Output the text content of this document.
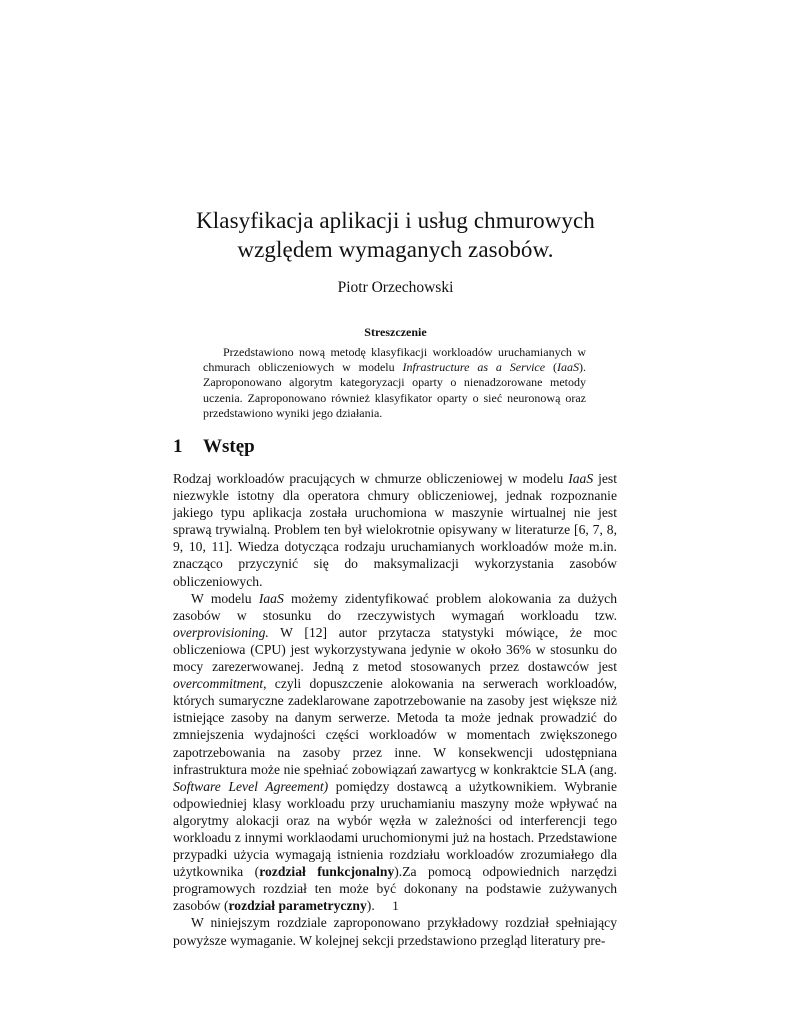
Klasyfikacja aplikacji i usług chmurowych
względem wymaganych zasobów.
Piotr Orzechowski
Streszczenie
Przedstawiono nową metodę klasyfikacji workloadów uruchamianych w chmurach obliczeniowych w modelu Infrastructure as a Service (IaaS). Zaproponowano algorytm kategoryzacji oparty o nienadzorowane metody uczenia. Zaproponowano również klasyfikator oparty o sieć neuronową oraz przedstawiono wyniki jego działania.
1 Wstęp

Rodzaj workloadów pracujących w chmurze obliczeniowej w modelu IaaS jest niezwykle istotny dla operatora chmury obliczeniowej, jednak rozpoznanie jakiego typu aplikacja została uruchomiona w maszynie wirtualnej nie jest sprawą trywialną. Problem ten był wielokrotnie opisywany w literaturze [6, 7, 8, 9, 10, 11]. Wiedza dotycząca rodzaju uruchamianych workloadów może m.in. znacząco przyczynić się do maksymalizacji wykorzystania zasobów obliczeniowych.

W modelu IaaS możemy zidentyfikować problem alokowania za dużych zasobów w stosunku do rzeczywistych wymagań workloadu tzw. overprovisioning. W [12] autor przytacza statystyki mówiące, że moc obliczeniowa (CPU) jest wykorzystywana jedynie w około 36% w stosunku do mocy zarezerwowanej. Jedną z metod stosowanych przez dostawców jest overcommitment, czyli dopuszczenie alokowania na serwerach workloadów, których sumaryczne zadeklarowane zapotrzebowanie na zasoby jest większe niż istniejące zasoby na danym serwerze. Metoda ta może jednak prowadzić do zmniejszenia wydajności części workloadów w momentach zwiększonego zapotrzebowania na zasoby przez inne. W konsekwencji udostępniana infrastruktura może nie spełniać zobowiązań zawartycg w konkraktcie SLA (ang. Software Level Agreement) pomiędzy dostawcą a użytkownikiem. Wybranie odpowiedniej klasy workloadu przy uruchamianiu maszyny może wpływać na algorytmy alokacji oraz na wybór węzła w zależności od interferencji tego workloadu z innymi worklaodami uruchomionymi już na hostach. Przedstawione przypadki użycia wymagają istnienia rozdziału workloadów zrozumiałego dla użytkownika (rozdział funkcjonalny).Za pomocą odpowiednich narzędzi programowych rozdział ten może być dokonany na podstawie zużywanych zasobów (rozdział parametryczny).

W niniejszym rozdziale zaproponowano przykładowy rozdział spełniający powyższe wymaganie. W kolejnej sekcji przedstawiono przegląd literatury pre-

1
